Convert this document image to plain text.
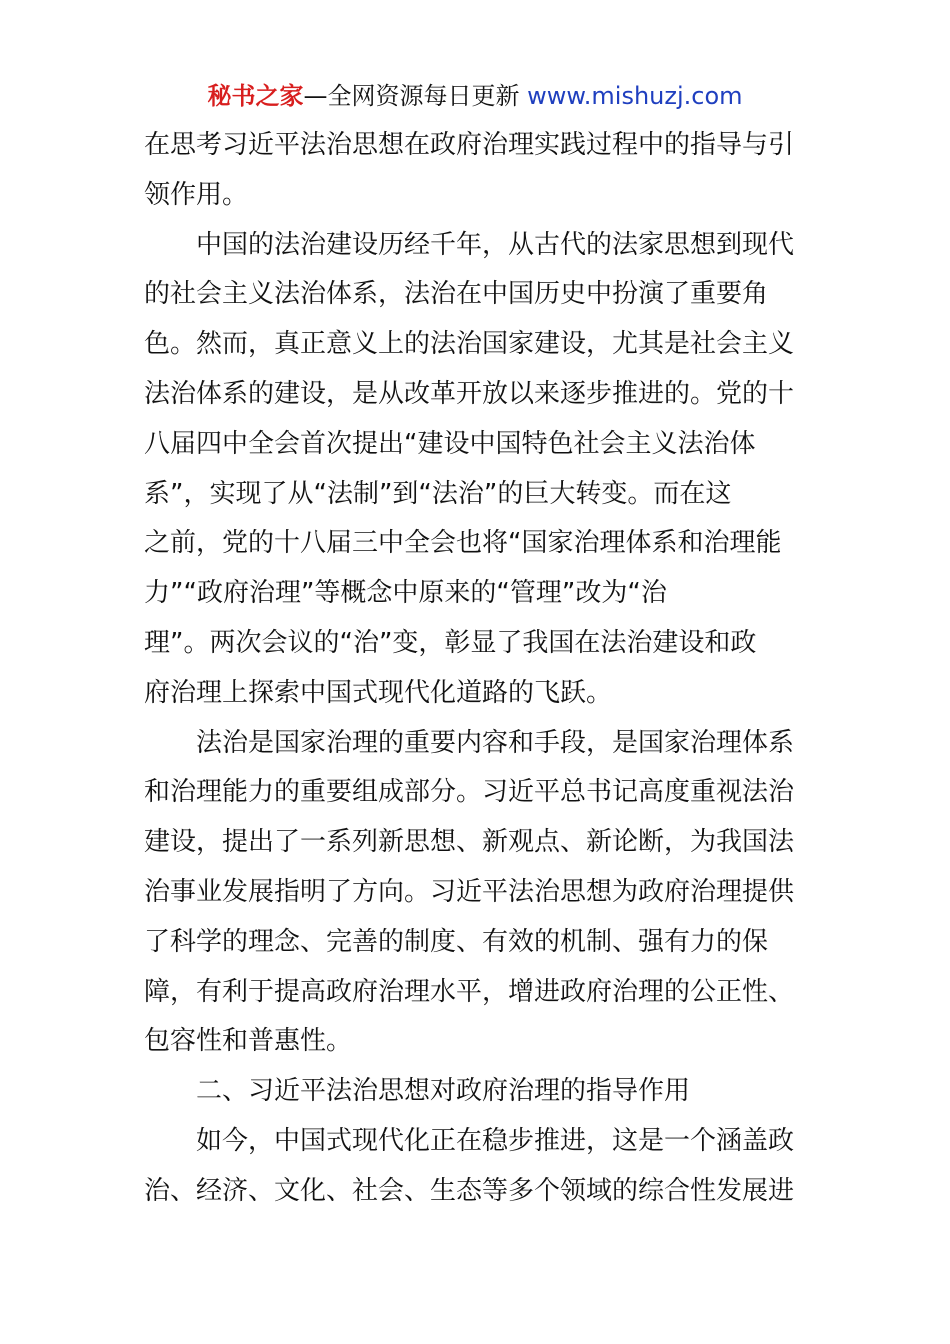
秘书之家—全网资源每日更新 www.mishuzj.com
在思考习近平法治思想在政府治理实践过程中的指导与引
领作用。
中国的法治建设历经千年，从古代的法家思想到现代
的社会主义法治体系，法治在中国历史中扮演了重要角
色。然而，真正意义上的法治国家建设，尤其是社会主义
法治体系的建设，是从改革开放以来逐步推进的。党的十
八届四中全会首次提出“建设中国特色社会主义法治体
系”，实现了从“法制”到“法治”的巨大转变。而在这
之前，党的十八届三中全会也将“国家治理体系和治理能
力”“政府治理”等概念中原来的“管理”改为“治
理”。两次会议的“治”变，彰显了我国在法治建设和政
府治理上探索中国式现代化道路的飞跃。
法治是国家治理的重要内容和手段，是国家治理体系
和治理能力的重要组成部分。习近平总书记高度重视法治
建设，提出了一系列新思想、新观点、新论断，为我国法
治事业发展指明了方向。习近平法治思想为政府治理提供
了科学的理念、完善的制度、有效的机制、强有力的保
障，有利于提高政府治理水平，增进政府治理的公正性、
包容性和普惠性。
二、习近平法治思想对政府治理的指导作用
如今，中国式现代化正在稳步推进，这是一个涵盖政
治、经济、文化、社会、生态等多个领域的综合性发展进
